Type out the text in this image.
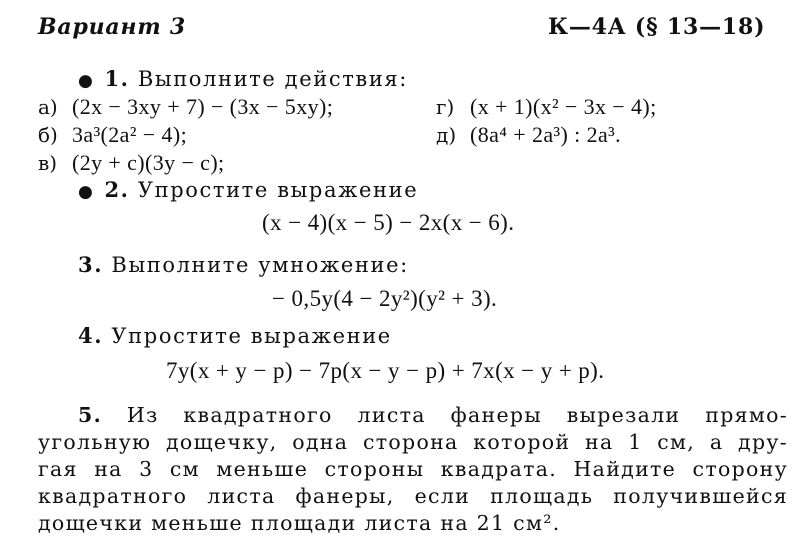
Вариант 3	К—4А (§ 13—18)
● 1. Выполните действия:
а) (2x − 3xy + 7) − (3x − 5xy);
б) 3a³(2a² − 4);
в) (2y + c)(3y − c);
г) (x + 1)(x² − 3x − 4);
д) (8a⁴ + 2a³) : 2a³.
● 2. Упростите выражение
(x − 4)(x − 5) − 2x(x − 6).
3. Выполните умножение:
− 0,5y(4 − 2y²)(y² + 3).
4. Упростите выражение
7y(x + y − p) − 7p(x − y − p) + 7x(x − y + p).
5. Из квадратного листа фанеры вырезали прямо-
угольную дощечку, одна сторона которой на 1 см, а дру-
гая на 3 см меньше стороны квадрата. Найдите сторону
квадратного листа фанеры, если площадь получившейся
дощечки меньше площади листа на 21 см².
